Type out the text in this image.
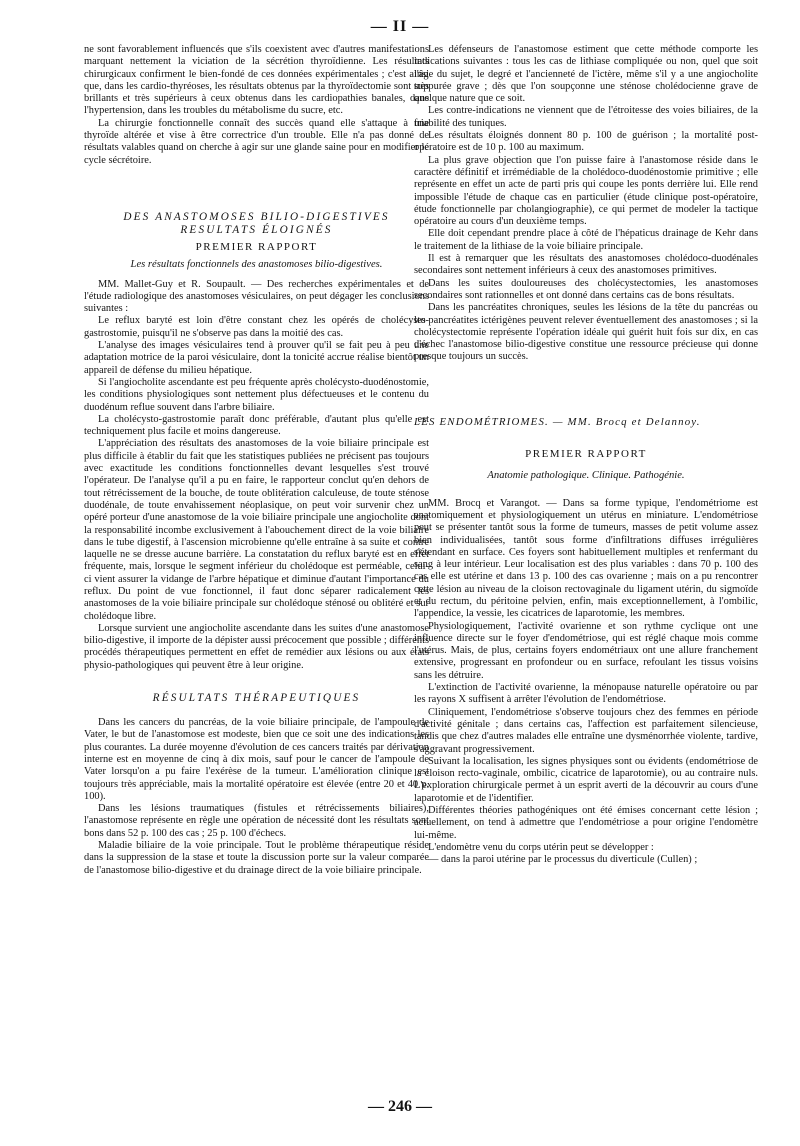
— II —

ne sont favorablement influencés que s'ils coexistent avec d'autres manifestations marquant nettement la viciation de la sécrétion thyroïdienne. Les résultats chirurgicaux confirment le bien-fondé de ces données expérimentales ; c'est ainsi que, dans les cardio-thyréoses, les résultats obtenus par la thyroïdectomie sont très brillants et très supérieurs à ceux obtenus dans les cardiopathies banales, dans l'hypertension, dans les troubles du métabolisme du sucre, etc.

La chirurgie fonctionnelle connaît des succès quand elle s'attaque à une thyroïde altérée et vise à être correctrice d'un trouble. Elle n'a pas donné de résultats valables quand on cherche à agir sur une glande saine pour en modifier le cycle sécrétoire.

DES ANASTOMOSES BILIO-DIGESTIVES
RESULTATS ÉLOIGNÉS
PREMIER RAPPORT
Les résultats fonctionnels des anastomoses bilio-digestives.

MM. Mallet-Guy et R. Soupault. — Des recherches expérimentales et de l'étude radiologique des anastomoses vésiculaires, on peut dégager les conclusions suivantes :

Le reflux baryté est loin d'être constant chez les opérés de cholécysto-gastrostomie, puisqu'il ne s'observe pas dans la moitié des cas.

L'analyse des images vésiculaires tend à prouver qu'il se fait peu à peu une adaptation motrice de la paroi vésiculaire, dont la tonicité accrue réalise bientôt un appareil de défense du milieu hépatique.

Si l'angiocholite ascendante est peu fréquente après cholécysto-duodénostomie, les conditions physiologiques sont nettement plus défectueuses et le contenu du duodénum reflue souvent dans l'arbre biliaire.

La cholécysto-gastrostomie paraît donc préférable, d'autant plus qu'elle est techniquement plus facile et moins dangereuse.

L'appréciation des résultats des anastomoses de la voie biliaire principale est plus difficile à établir du fait que les statistiques publiées ne précisent pas toujours avec exactitude les conditions fonctionnelles devant lesquelles s'est trouvé l'opérateur. De l'analyse qu'il a pu en faire, le rapporteur conclut qu'en dehors de tout rétrécissement de la bouche, de toute oblitération calculeuse, de toute sténose duodénale, de toute envahissement néoplasique, on peut voir survenir chez un opéré porteur d'une anastomose de la voie biliaire principale une angiocholite dont la responsabilité incombe exclusivement à l'abouchement direct de la voie biliaire dans le tube digestif, à l'ascension microbienne qu'elle entraîne à sa suite et contre laquelle ne se dresse aucune barrière. La constatation du reflux baryté est en effet fréquente, mais, lorsque le segment inférieur du cholédoque est perméable, celui-ci vient assurer la vidange de l'arbre hépatique et diminue d'autant l'importance du reflux. Du point de vue fonctionnel, il faut donc séparer radicalement les anastomoses de la voie biliaire principale sur cholédoque sténosé ou oblitéré et sur cholédoque libre.

Lorsque survient une angiocholite ascendante dans les suites d'une anastomose bilio-digestive, il importe de la dépister aussi précocement que possible ; différents procédés thérapeutiques permettent en effet de remédier aux lésions ou aux états physio-pathologiques qui peuvent être à leur origine.

RÉSULTATS THÉRAPEUTIQUES

Dans les cancers du pancréas, de la voie biliaire principale, de l'ampoule de Vater, le but de l'anastomose est modeste, bien que ce soit une des indications les plus courantes. La durée moyenne d'évolution de ces cancers traités par dérivation interne est en moyenne de cinq à dix mois, sauf pour le cancer de l'ampoule de Vater lorsqu'on a pu faire l'exérèse de la tumeur. L'amélioration clinique est toujours très appréciable, mais la mortalité opératoire est élevée (entre 20 et 40 p. 100).

Dans les lésions traumatiques (fistules et rétrécissements biliaires), l'anastomose représente en règle une opération de nécessité dont les résultats sont bons dans 52 p. 100 des cas ; 25 p. 100 d'échecs.

Maladie biliaire de la voie principale. Tout le problème thérapeutique réside dans la suppression de la stase et toute la discussion porte sur la valeur comparée de l'anastomose bilio-digestive et du drainage direct de la voie biliaire principale.

Les défenseurs de l'anastomose estiment que cette méthode comporte les indications suivantes : tous les cas de lithiase compliquée ou non, quel que soit l'âge du sujet, le degré et l'ancienneté de l'ictère, même s'il y a une angiocholite suppurée grave ; dès que l'on soupçonne une sténose cholédocienne grave de quelque nature que ce soit.

Les contre-indications ne viennent que de l'étroitesse des voies biliaires, de la friabilité des tuniques.

Les résultats éloignés donnent 80 p. 100 de guérison ; la mortalité post-opératoire est de 10 p. 100 au maximum.

La plus grave objection que l'on puisse faire à l'anastomose réside dans le caractère définitif et irrémédiable de la cholédoco-duodénostomie primitive ; elle représente en effet un acte de parti pris qui coupe les ponts derrière lui. Elle rend impossible l'étude de chaque cas en particulier (étude clinique post-opératoire, étude fonctionnelle par cholangiographie), ce qui permet de modeler la tactique opératoire au cours d'un deuxième temps.

Elle doit cependant prendre place à côté de l'hépaticus drainage de Kehr dans le traitement de la lithiase de la voie biliaire principale.

Il est à remarquer que les résultats des anastomoses cholédoco-duodénales secondaires sont nettement inférieurs à ceux des anastomoses primitives.

Dans les suites douloureuses des cholécystectomies, les anastomoses secondaires sont rationnelles et ont donné dans certains cas de bons résultats.

Dans les pancréatites chroniques, seules les lésions de la tête du pancréas ou les pancréatites ictérigènes peuvent relever éventuellement des anastomoses ; si la cholécystectomie représente l'opération idéale qui guérit huit fois sur dix, en cas d'échec l'anastomose bilio-digestive constitue une ressource précieuse qui donne presque toujours un succès.

LES ENDOMÉTRIOMES. — MM. Brocq et Delannoy.

PREMIER RAPPORT
Anatomie pathologique. Clinique. Pathogénie.

MM. Brocq et Varangot. — Dans sa forme typique, l'endométriome est anatomiquement et physiologiquement un utérus en miniature. L'endométriose peut se présenter tantôt sous la forme de tumeurs, masses de petit volume assez bien individualisées, tantôt sous forme d'infiltrations diffuses irrégulières s'étendant en surface. Ces foyers sont habituellement multiples et renfermant du sang à leur intérieur. Leur localisation est des plus variables : dans 70 p. 100 des cas elle est utérine et dans 13 p. 100 des cas ovarienne ; mais on a pu rencontrer cette lésion au niveau de la cloison rectovaginale du ligament utérin, du sigmoïde et du rectum, du péritoine pelvien, enfin, mais exceptionnellement, à l'ombilic, l'appendice, la vessie, les cicatrices de laparotomie, les membres.

Physiologiquement, l'activité ovarienne et son rythme cyclique ont une influence directe sur le foyer d'endométriose, qui est réglé chaque mois comme l'utérus. Mais, de plus, certains foyers endométriaux ont une allure franchement extensive, progressant en profondeur ou en surface, refoulant les tissus voisins sans les détruire.

L'extinction de l'activité ovarienne, la ménopause naturelle opératoire ou par les rayons X suffisent à arrêter l'évolution de l'endométriose.

Cliniquement, l'endométriose s'observe toujours chez des femmes en période d'activité génitale ; dans certains cas, l'affection est parfaitement silencieuse, tandis que chez d'autres malades elle entraîne une dysménorrhée violente, tardive, s'aggravant progressivement.

Suivant la localisation, les signes physiques sont ou évidents (endométriose de la cloison recto-vaginale, ombilic, cicatrice de laparotomie), ou au contraire nuls. L'exploration chirurgicale permet à un esprit averti de la découvrir au cours d'une laparotomie et de l'identifier.

Différentes théories pathogéniques ont été émises concernant cette lésion ; actuellement, on tend à admettre que l'endométriose a pour origine l'endomètre lui-même.

L'endomètre venu du corps utérin peut se développer :

— dans la paroi utérine par le processus du diverticule (Cullen) ;

— 246 —
